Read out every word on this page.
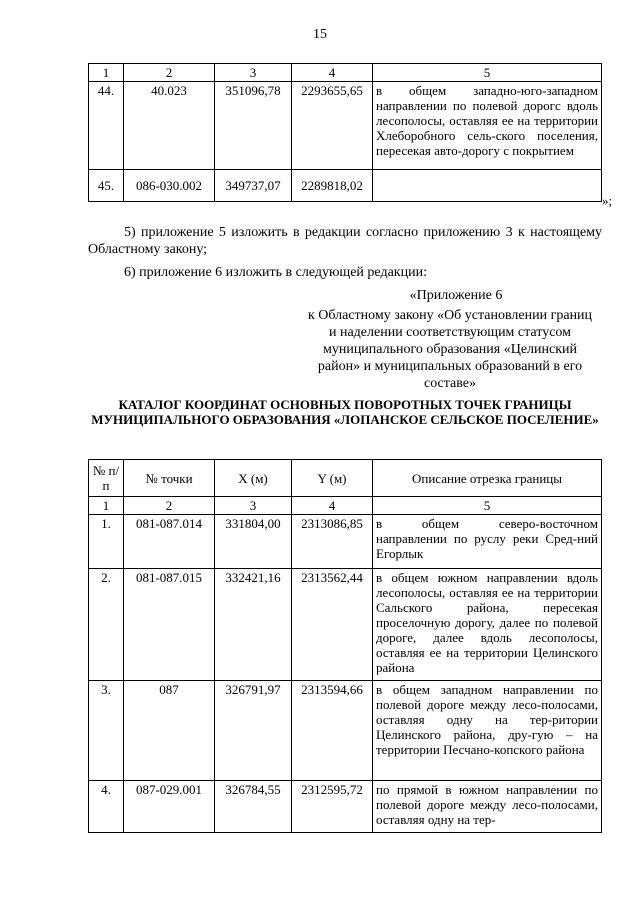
15
1	2	3	4	5
44.	40.023	351096,78	2293655,65	в общем западно-юго-западном направлении по полевой дорогс вдоль лесополосы, оставляя ее на территории Хлеборобного сель-ского поселения, пересекая авто-дорогу с покрытием
45.	086-030.002	349737,07	2289818,02	
»;
5) приложение 5 изложить в редакции согласно приложению 3 к настоящему Областному закону;
6) приложение 6 изложить в следующей редакции:
«Приложение 6
к Областному закону «Об установлении границ и наделении соответствующим статусом муниципального образования «Целинский район» и муниципальных образований в его составе»
КАТАЛОГ КООРДИНАТ ОСНОВНЫХ ПОВОРОТНЫХ ТОЧЕК ГРАНИЦЫ МУНИЦИПАЛЬНОГО ОБРАЗОВАНИЯ «ЛОПАНСКОЕ СЕЛЬСКОЕ ПОСЕЛЕНИЕ»
№ п/п	№ точки	X (м)	Y (м)	Описание отрезка границы
1	2	3	4	5
1.	081-087.014	331804,00	2313086,85	в общем северо-восточном направлении по руслу реки Сред-ний Егорлык
2.	081-087.015	332421,16	2313562,44	в общем южном направлении вдоль лесополосы, оставляя ее на территории Сальского района, пересекая проселочную дорогу, далее по полевой дороге, далее вдоль лесополосы, оставляя ее на территории Целинского района
3.	087	326791,97	2313594,66	в общем западном направлении по полевой дороге между лесо-полосами, оставляя одну на тер-ритории Целинского района, дру-гую – на территории Песчано-копского района
4.	087-029.001	326784,55	2312595,72	по прямой в южном направлении по полевой дороге между лесо-полосами, оставляя одну на тер-
